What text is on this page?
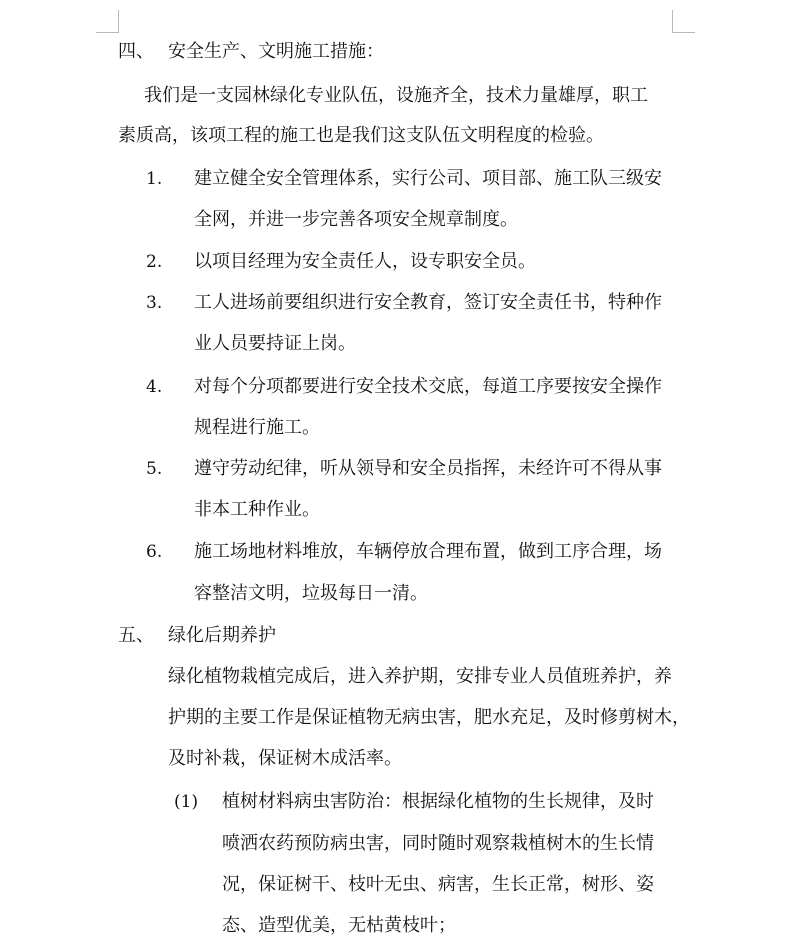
四、 安全生产、文明施工措施：
我们是一支园林绿化专业队伍，设施齐全，技术力量雄厚，职工
素质高，该项工程的施工也是我们这支队伍文明程度的检验。
1. 建立健全安全管理体系，实行公司、项目部、施工队三级安
全网，并进一步完善各项安全规章制度。
2. 以项目经理为安全责任人，设专职安全员。
3. 工人进场前要组织进行安全教育，签订安全责任书，特种作
业人员要持证上岗。
4. 对每个分项都要进行安全技术交底，每道工序要按安全操作
规程进行施工。
5. 遵守劳动纪律，听从领导和安全员指挥，未经许可不得从事
非本工种作业。
6. 施工场地材料堆放，车辆停放合理布置，做到工序合理，场
容整洁文明，垃圾每日一清。
五、 绿化后期养护
绿化植物栽植完成后，进入养护期，安排专业人员值班养护，养
护期的主要工作是保证植物无病虫害，肥水充足，及时修剪树木，
及时补栽，保证树木成活率。
(1) 植树材料病虫害防治：根据绿化植物的生长规律，及时
喷洒农药预防病虫害，同时随时观察栽植树木的生长情
况，保证树干、枝叶无虫、病害，生长正常，树形、姿
态、造型优美，无枯黄枝叶；
